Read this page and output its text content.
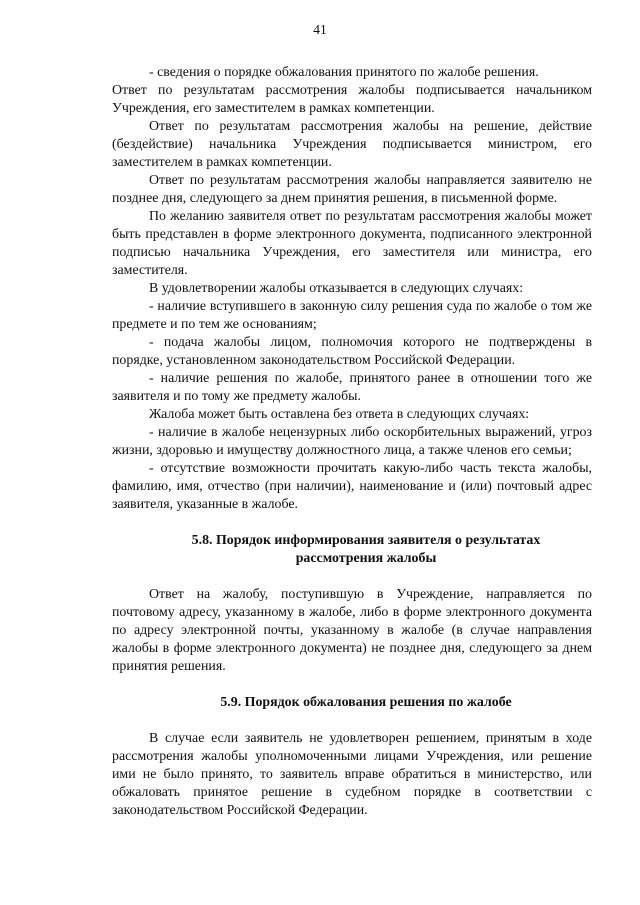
41

- сведения о порядке обжалования принятого по жалобе решения.

Ответ по результатам рассмотрения жалобы подписывается начальником Учреждения, его заместителем в рамках компетенции.

Ответ по результатам рассмотрения жалобы на решение, действие (бездействие) начальника Учреждения подписывается министром, его заместителем в рамках компетенции.

Ответ по результатам рассмотрения жалобы направляется заявителю не позднее дня, следующего за днем принятия решения, в письменной форме.

По желанию заявителя ответ по результатам рассмотрения жалобы может быть представлен в форме электронного документа, подписанного электронной подписью начальника Учреждения, его заместителя или министра, его заместителя.

В удовлетворении жалобы отказывается в следующих случаях:

- наличие вступившего в законную силу решения суда по жалобе о том же предмете и по тем же основаниям;

- подача жалобы лицом, полномочия которого не подтверждены в порядке, установленном законодательством Российской Федерации.

- наличие решения по жалобе, принятого ранее в отношении того же заявителя и по тому же предмету жалобы.

Жалоба может быть оставлена без ответа в следующих случаях:

- наличие в жалобе нецензурных либо оскорбительных выражений, угроз жизни, здоровью и имуществу должностного лица, а также членов его семьи;

- отсутствие возможности прочитать какую-либо часть текста жалобы, фамилию, имя, отчество (при наличии), наименование и (или) почтовый адрес заявителя, указанные в жалобе.

5.8. Порядок информирования заявителя о результатах
рассмотрения жалобы

Ответ на жалобу, поступившую в Учреждение, направляется по почтовому адресу, указанному в жалобе, либо в форме электронного документа по адресу электронной почты, указанному в жалобе (в случае направления жалобы в форме электронного документа) не позднее дня, следующего за днем принятия решения.

5.9. Порядок обжалования решения по жалобе

В случае если заявитель не удовлетворен решением, принятым в ходе рассмотрения жалобы уполномоченными лицами Учреждения, или решение ими не было принято, то заявитель вправе обратиться в министерство, или обжаловать принятое решение в судебном порядке в соответствии с законодательством Российской Федерации.
